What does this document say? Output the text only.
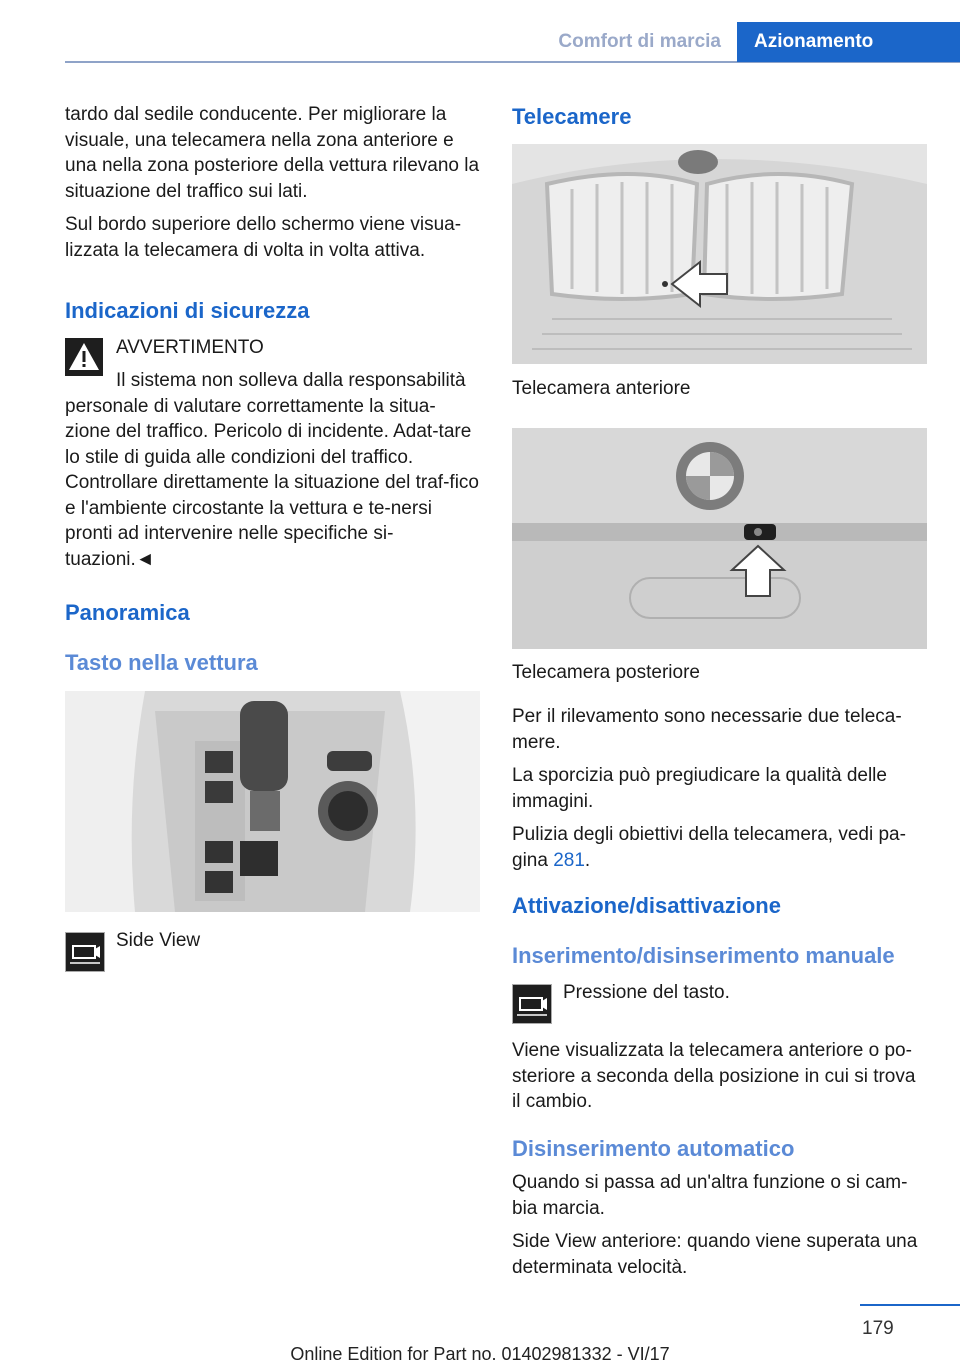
Comfort di marcia	Azionamento

tardo dal sedile conducente. Per migliorare la visuale, una telecamera nella zona anteriore e una nella zona posteriore della vettura rilevano la situazione del traffico sui lati.

Sul bordo superiore dello schermo viene visua-lizzata la telecamera di volta in volta attiva.

Indicazioni di sicurezza
AVVERTIMENTO
Il sistema non solleva dalla responsabilità personale di valutare correttamente la situa-zione del traffico. Pericolo di incidente. Adat-tare lo stile di guida alle condizioni del traffico. Controllare direttamente la situazione del traf-fico e l'ambiente circostante la vettura e te-nersi pronti ad intervenire nelle specifiche si-tuazioni.◄
Panoramica
Tasto nella vettura
Side View
Telecamere
Telecamera anteriore
Telecamera posteriore

Per il rilevamento sono necessarie due teleca-mere.

La sporcizia può pregiudicare la qualità delle immagini.

Pulizia degli obiettivi della telecamera, vedi pa-gina 281.

Attivazione/disattivazione
Inserimento/disinserimento manuale
Pressione del tasto.

Viene visualizzata la telecamera anteriore o po-steriore a seconda della posizione in cui si trova il cambio.

Disinserimento automatico

Quando si passa ad un'altra funzione o si cam-bia marcia.

Side View anteriore: quando viene superata una determinata velocità.

179
Online Edition for Part no. 01402981332 - VI/17
